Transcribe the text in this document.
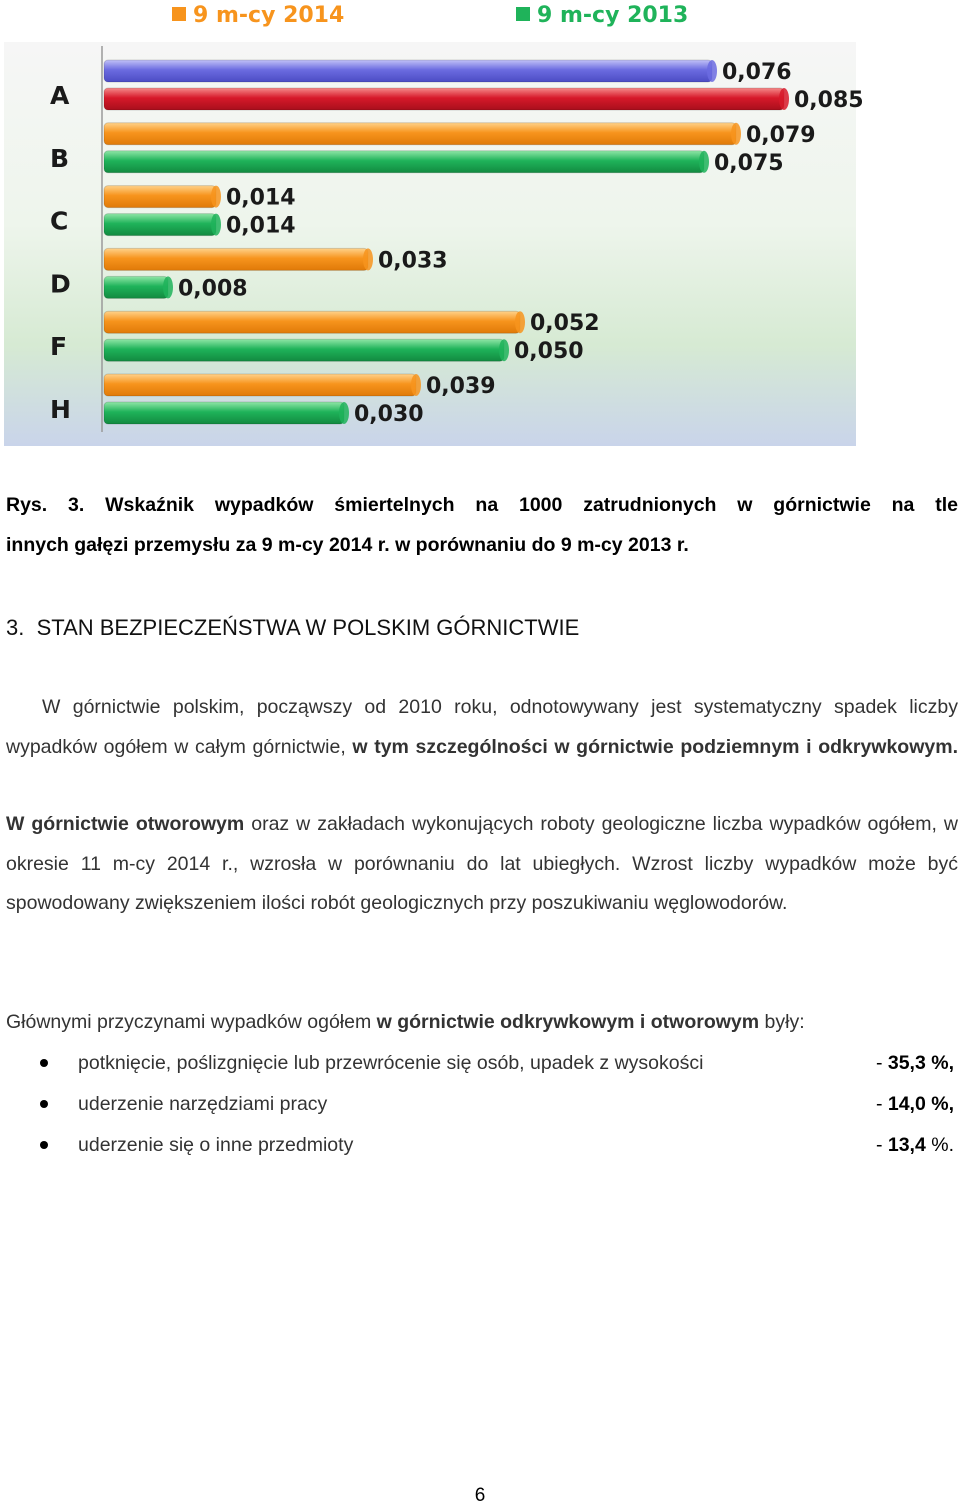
9 m-cy 2014	9 m-cy 2013
A
0,076
0,085
B
0,079
0,075
C
0,014
0,014
D
0,033
0,008
F
0,052
0,050
H
0,039
0,030
Rys. 3. Wskaźnik wypadków śmiertelnych na 1000 zatrudnionych w górnictwie na tle
innych gałęzi przemysłu za 9 m-cy 2014 r. w porównaniu do 9 m-cy 2013 r.
3. STAN BEZPIECZEŃSTWA W POLSKIM GÓRNICTWIE
W górnictwie polskim, począwszy od 2010 roku, odnotowywany jest systematyczny spadek liczby wypadków ogółem w całym górnictwie, w tym szczególności w górnictwie podziemnym i odkrywkowym.
W górnictwie otworowym oraz w zakładach wykonujących roboty geologiczne liczba wypadków ogółem, w okresie 11 m-cy 2014 r., wzrosła w porównaniu do lat ubiegłych. Wzrost liczby wypadków może być spowodowany zwiększeniem ilości robót geologicznych przy poszukiwaniu węglowodorów.
Głównymi przyczynami wypadków ogółem w górnictwie odkrywkowym i otworowym były:
potknięcie, poślizgnięcie lub przewrócenie się osób, upadek z wysokości	- 35,3 %,
uderzenie narzędziami pracy	- 14,0 %,
uderzenie się o inne przedmioty	- 13,4 %.
6
